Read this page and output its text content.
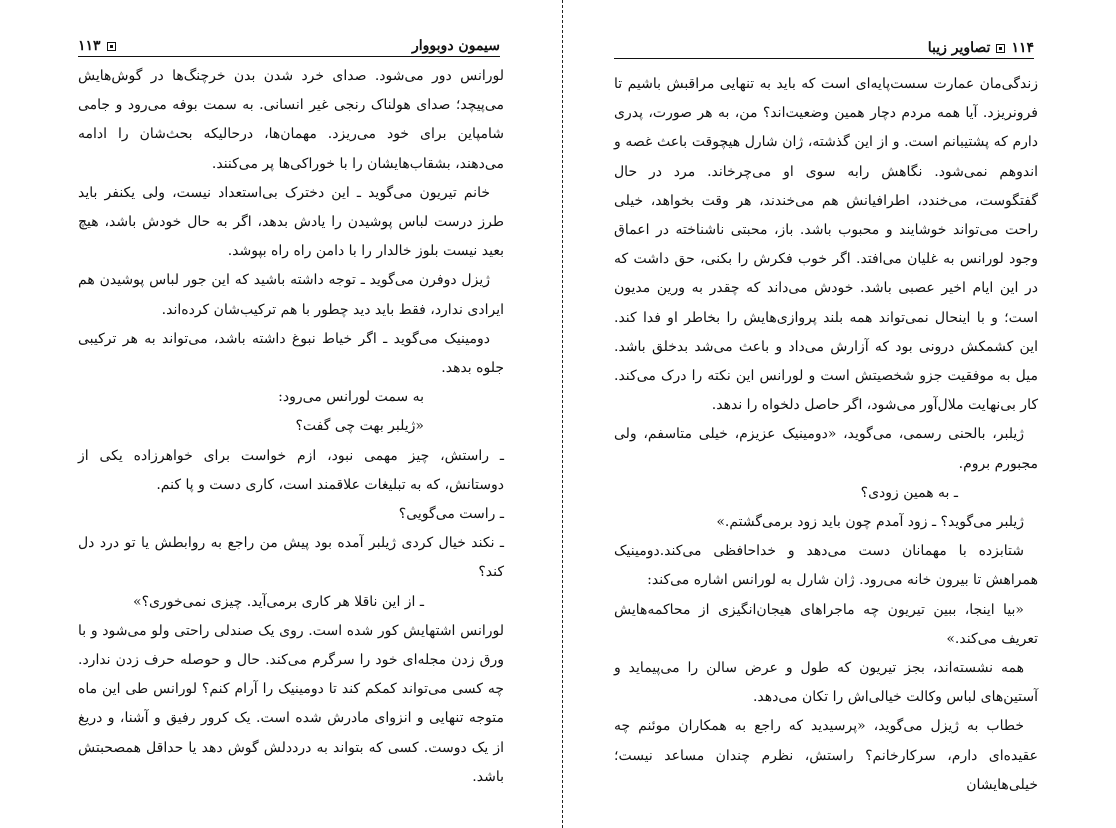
سیمون دوبووار
۱۱۳

لورانس دور می‌شود. صدای خرد شدن بدن خرچنگ‌ها در گوش‌هایش می‌پیچد؛ صدای هولناک رنجی غیر انسانی. به سمت بوفه می‌رود و جامی شامپاین برای خود می‌ریزد. مهمان‌ها، درحالیکه بحث‌شان را ادامه می‌دهند، بشقاب‌هایشان را با خوراکی‌ها پر می‌کنند.

خانم تیریون می‌گوید ـ این دخترک بی‌استعداد نیست، ولی یکنفر باید طرز درست لباس پوشیدن را یادش بدهد، اگر به حال خودش باشد، هیچ بعید نیست بلوز خالدار را با دامن راه راه بپوشد.

ژیزل دوفرن می‌گوید ـ توجه داشته باشید که این جور لباس پوشیدن هم ایرادی ندارد، فقط باید دید چطور با هم ترکیب‌شان کرده‌اند.

دومینیک می‌گوید ـ اگر خیاط نبوغ داشته باشد، می‌تواند به هر ترکیبی جلوه بدهد.

به سمت لورانس می‌رود:

«ژیلبر بهت چی گفت؟

ـ راستش، چیز مهمی نبود، ازم خواست برای خواهرزاده یکی از دوستانش، که به تبلیغات علاقمند است، کاری دست و پا کنم.

ـ راست می‌گویی؟

ـ نکند خیال کردی ژیلبر آمده بود پیش من راجع به روابطش یا تو درد دل کند؟

ـ از این ناقلا هر کاری برمی‌آید. چیزی نمی‌خوری؟»

لورانس اشتهایش کور شده است. روی یک صندلی راحتی ولو می‌شود و با ورق زدن مجله‌ای خود را سرگرم می‌کند. حال و حوصله حرف زدن ندارد. چه کسی می‌تواند کمکم کند تا دومینیک را آرام کنم؟ لورانس طی این ماه متوجه تنهایی و انزوای مادرش شده است. یک کرور رفیق و آشنا، و دریغ از یک دوست. کسی که بتواند به درددلش گوش دهد یا حداقل همصحبتش باشد.

۱۱۴
تصاویر زیبا

زندگی‌مان عمارت سست‌پایه‌ای است که باید به تنهایی مراقبش باشیم تا فرونریزد. آیا همه مردم دچار همین وضعیت‌اند؟ من، به هر صورت، پدری دارم که پشتیبانم است. و از این گذشته، ژان شارل هیچوقت باعث غصه و اندوهم نمی‌شود. نگاهش رابه سوی او می‌چرخاند. مرد در حال گفتگوست، می‌خندد، اطرافیانش هم می‌خندند، هر وقت بخواهد، خیلی راحت می‌تواند خوشایند و محبوب باشد. باز، محبتی ناشناخته در اعماق وجود لورانس به غلیان می‌افتد. اگر خوب فکرش را بکنی، حق داشت که در این ایام اخیر عصبی باشد. خودش می‌داند که چقدر به ورین مدیون است؛ و با اینحال نمی‌تواند همه بلند پروازی‌هایش را بخاطر او فدا کند. این کشمکش درونی بود که آزارش می‌داد و باعث می‌شد بدخلق باشد. میل به موفقیت جزو شخصیتش است و لورانس این نکته را درک می‌کند. کار بی‌نهایت ملال‌آور می‌شود، اگر حاصل دلخواه را ندهد.

ژیلبر، بالحنی رسمی، می‌گوید، «دومینیک عزیزم، خیلی متاسفم، ولی مجبورم بروم.

ـ به همین زودی؟

ژیلبر می‌گوید؟ ـ زود آمدم چون باید زود برمی‌گشتم.»

شتابزده با مهمانان دست می‌دهد و خداحافظی می‌کند.دومینیک همراهش تا بیرون خانه می‌رود. ژان شارل به لورانس اشاره می‌کند:

«بیا اینجا، ببین تیریون چه ماجراهای هیجان‌انگیزی از محاکمه‌هایش تعریف می‌کند.»

همه نشسته‌اند، بجز تیریون که طول و عرض سالن را می‌پیماید و آستین‌های لباس وکالت خیالی‌اش را تکان می‌دهد.

خطاب به ژیزل می‌گوید، «پرسیدید که راجع به همکاران موئنم چه عقیده‌ای دارم، سرکارخانم؟ راستش، نظرم چندان مساعد نیست؛ خیلی‌هایشان
